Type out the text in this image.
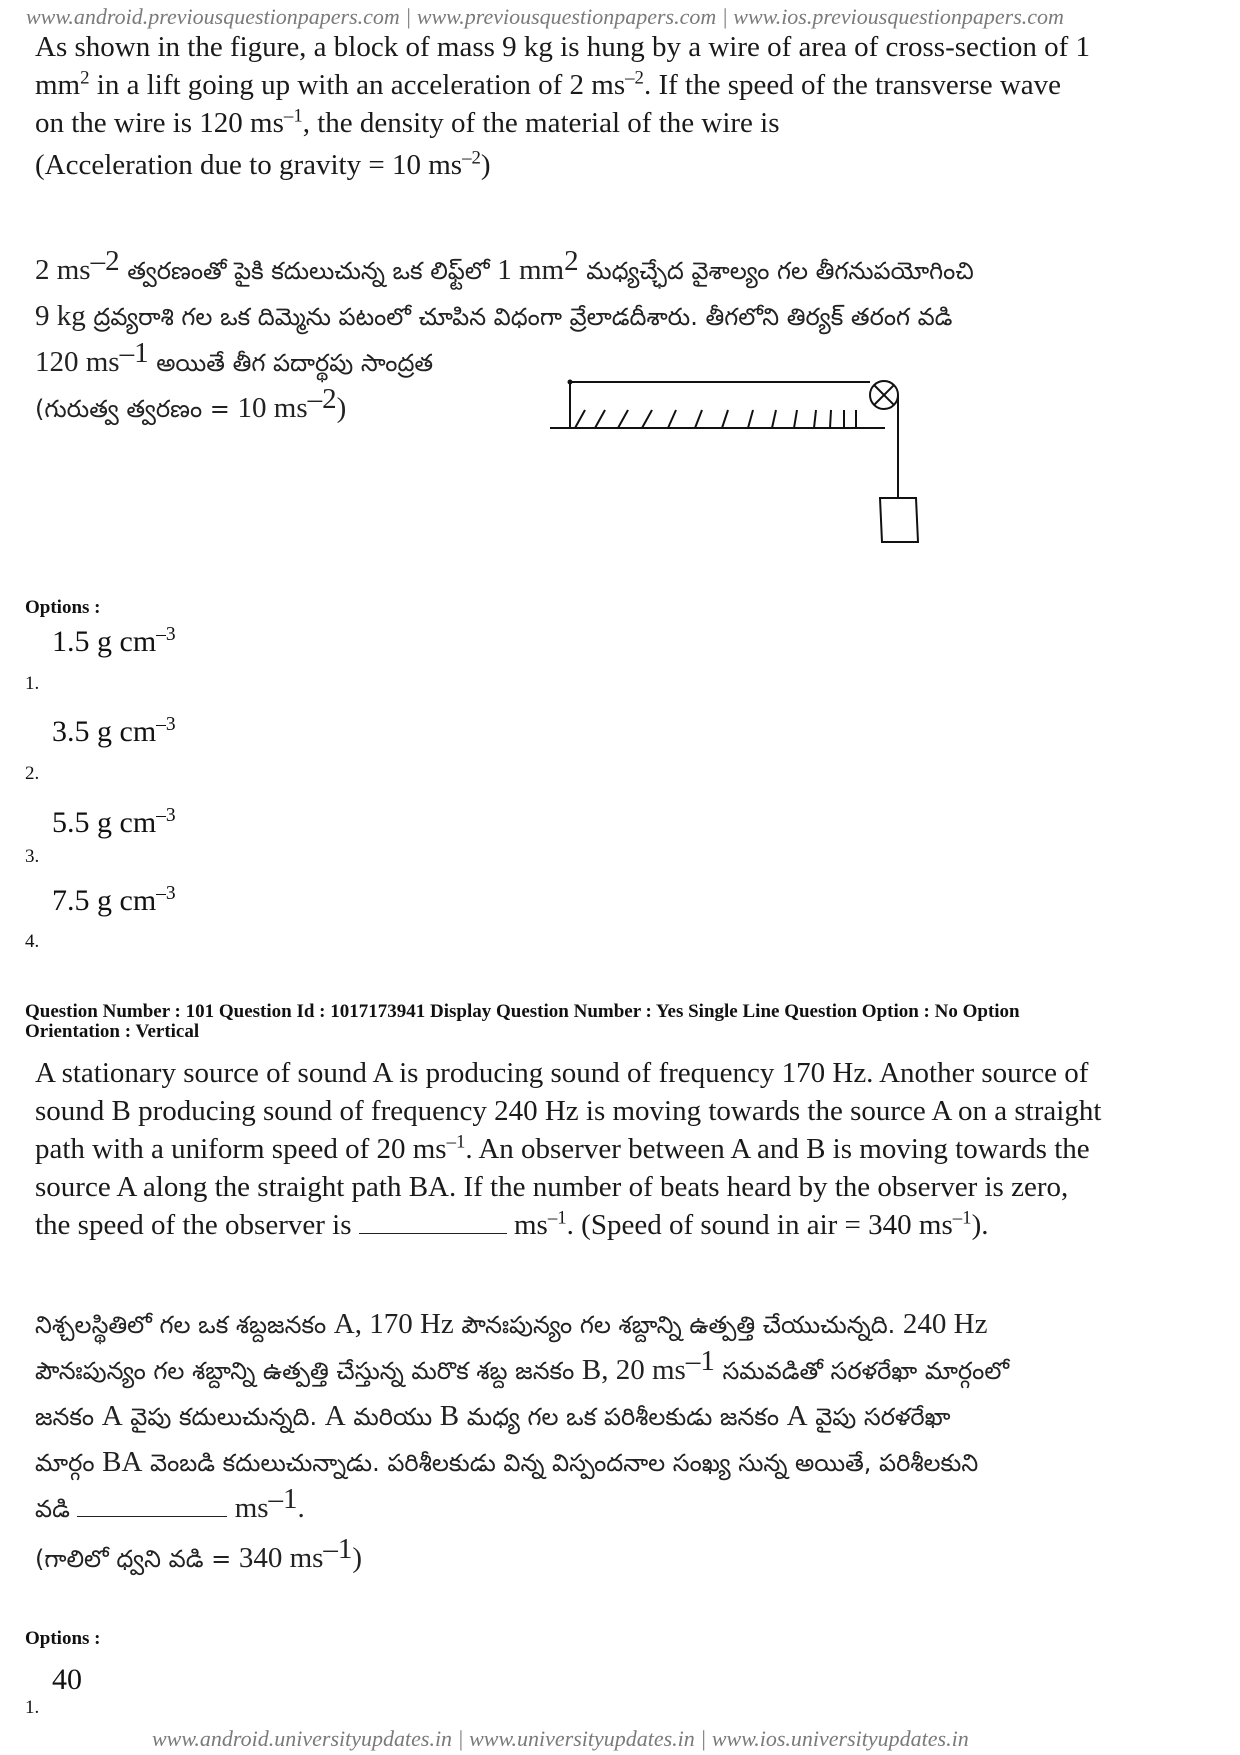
www.android.previousquestionpapers.com | www.previousquestionpapers.com | www.ios.previousquestionpapers.com

As shown in the figure, a block of mass 9 kg is hung by a wire of area of cross-section of 1

$mm^2$ in a lift going up with an acceleration of 2 $ms^{-2}$. If the speed of the transverse wave

on the wire is 120 $ms^{-1}$, the density of the material of the wire is

(Acceleration due to gravity = 10 $ms^{-2}$)

2 $ms^{-2}$ త్వరణంతో పైకి కదులుచున్న ఒక లిఫ్ట్‌లో 1 $mm^2$ మధ్యచ్ఛేద వైశాల్యం గల తీగనుపయోగించి

9 kg ద్రవ్యరాశి గల ఒక దిమ్మెను పటంలో చూపిన విధంగా వ్రేలాడదీశారు. తీగలోని తిర్యక్ తరంగ వడి

120 $ms^{-1}$ అయితే తీగ పదార్థపు సాంద్రత

(గురుత్వ త్వరణం = 10 $ms^{-2}$)

Options :
1.5 g $cm^{-3}$
1.
3.5 g $cm^{-3}$
2.
5.5 g $cm^{-3}$
3.
7.5 g $cm^{-3}$
4.
Question Number : 101 Question Id : 1017173941 Display Question Number : Yes Single Line Question Option : No Option
Orientation : Vertical

A stationary source of sound A is producing sound of frequency 170 Hz. Another source of

sound B producing sound of frequency 240 Hz is moving towards the source A on a straight

path with a uniform speed of 20 $ms^{-1}$. An observer between A and B is moving towards the

source A along the straight path BA. If the number of beats heard by the observer is zero,

the speed of the observer is	$ms^{-1}$. (Speed of sound in air = 340 $ms^{-1}$).

నిశ్చలస్థితిలో గల ఒక శబ్దజనకం A, 170 Hz పౌనఃపున్యం గల శబ్దాన్ని ఉత్పత్తి చేయుచున్నది. 240 Hz

పౌనఃపున్యం గల శబ్దాన్ని ఉత్పత్తి చేస్తున్న మరొక శబ్ద జనకం B, 20 $ms^{-1}$ సమవడితో సరళరేఖా మార్గంలో

జనకం A వైపు కదులుచున్నది. A మరియు B మధ్య గల ఒక పరిశీలకుడు జనకం A వైపు సరళరేఖా

మార్గం BA వెంబడి కదులుచున్నాడు. పరిశీలకుడు విన్న విస్పందనాల సంఖ్య సున్న అయితే, పరిశీలకుని

వడి	$ms^{-1}$.

(గాలిలో ధ్వని వడి = 340 $ms^{-1}$)

Options :
40
1.
www.android.universityupdates.in | www.universityupdates.in | www.ios.universityupdates.in
